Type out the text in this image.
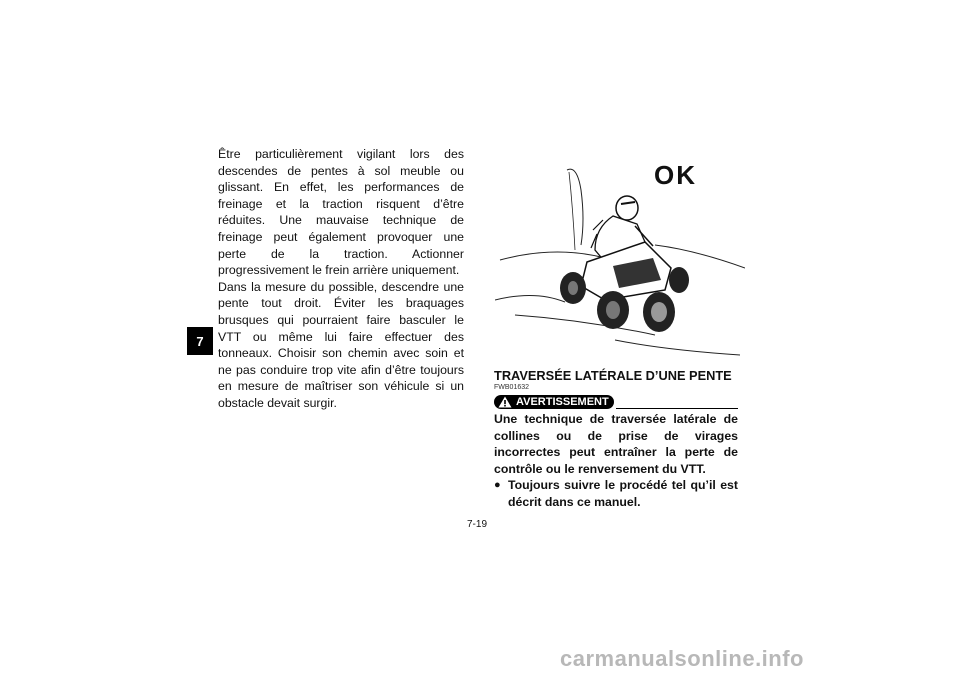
7

Être particulièrement vigilant lors des descendes de pentes à sol meuble ou glissant. En effet, les performances de freinage et la traction risquent d’être réduites. Une mauvaise technique de freinage peut également provoquer une perte de la traction. Actionner progressivement le frein arrière uniquement.

Dans la mesure du possible, descendre une pente tout droit. Éviter les braquages brusques qui pourraient faire basculer le VTT ou même lui faire effectuer des tonneaux. Choisir son chemin avec soin et ne pas conduire trop vite afin d’être toujours en mesure de maîtriser son véhicule si un obstacle devait surgir.

OK
TRAVERSÉE LATÉRALE D’UNE PENTE
FWB01632
AVERTISSEMENT

Une technique de traversée latérale de collines ou de prise de virages incorrectes peut entraîner la perte de contrôle ou le renversement du VTT.

● Toujours suivre le procédé tel qu’il est décrit dans ce manuel.
7-19
carmanualsonline.info
